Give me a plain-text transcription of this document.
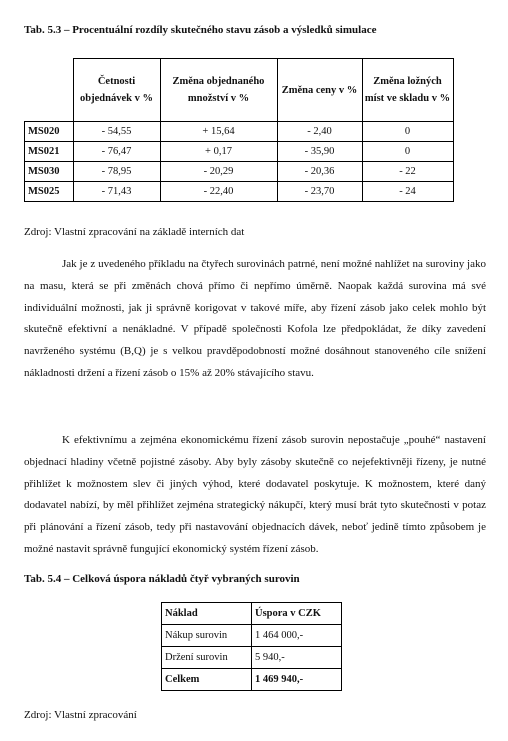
Tab. 5.3 – Procentuální rozdíly skutečného stavu zásob a výsledků simulace
	Četnosti objednávek v %	Změna objednaného množství v %	Změna ceny v %	Změna ložných míst ve skladu v %
MS020	- 54,55	+ 15,64	- 2,40	0
MS021	- 76,47	+ 0,17	- 35,90	0
MS030	- 78,95	- 20,29	- 20,36	- 22
MS025	- 71,43	- 22,40	- 23,70	- 24
Zdroj: Vlastní zpracování na základě interních dat

Jak je z uvedeného příkladu na čtyřech surovinách patrné, není možné nahlížet na suroviny jako na masu, která se při změnách chová přímo či nepřímo úměrně. Naopak každá surovina má své individuální možnosti, jak ji správně korigovat v takové míře, aby řízení zásob jako celek mohlo být skutečně efektivní a nenákladné. V případě společnosti Kofola lze předpokládat, že díky zavedení navrženého systému (B,Q) je s velkou pravděpodobností možné dosáhnout stanoveného cíle snížení nákladnosti držení a řízení zásob o 15% až 20% stávajícího stavu.

K efektivnímu a zejména ekonomickému řízení zásob surovin nepostačuje „pouhé“ nastavení objednací hladiny včetně pojistné zásoby. Aby byly zásoby skutečně co nejefektivněji řízeny, je nutné přihlížet k možnostem slev či jiných výhod, které dodavatel poskytuje. K možnostem, které daný dodavatel nabízí, by měl přihlížet zejména strategický nákupčí, který musí brát tyto skutečnosti v potaz při plánování a řízení zásob, tedy při nastavování objednacích dávek, neboť jedině tímto způsobem je možné nastavit správně fungující ekonomický systém řízení zásob.

Tab. 5.4 – Celková úspora nákladů čtyř vybraných surovin
Náklad	Úspora v CZK
Nákup surovin	1 464 000,-
Držení surovin	5 940,-
Celkem	1 469 940,-
Zdroj: Vlastní zpracování
